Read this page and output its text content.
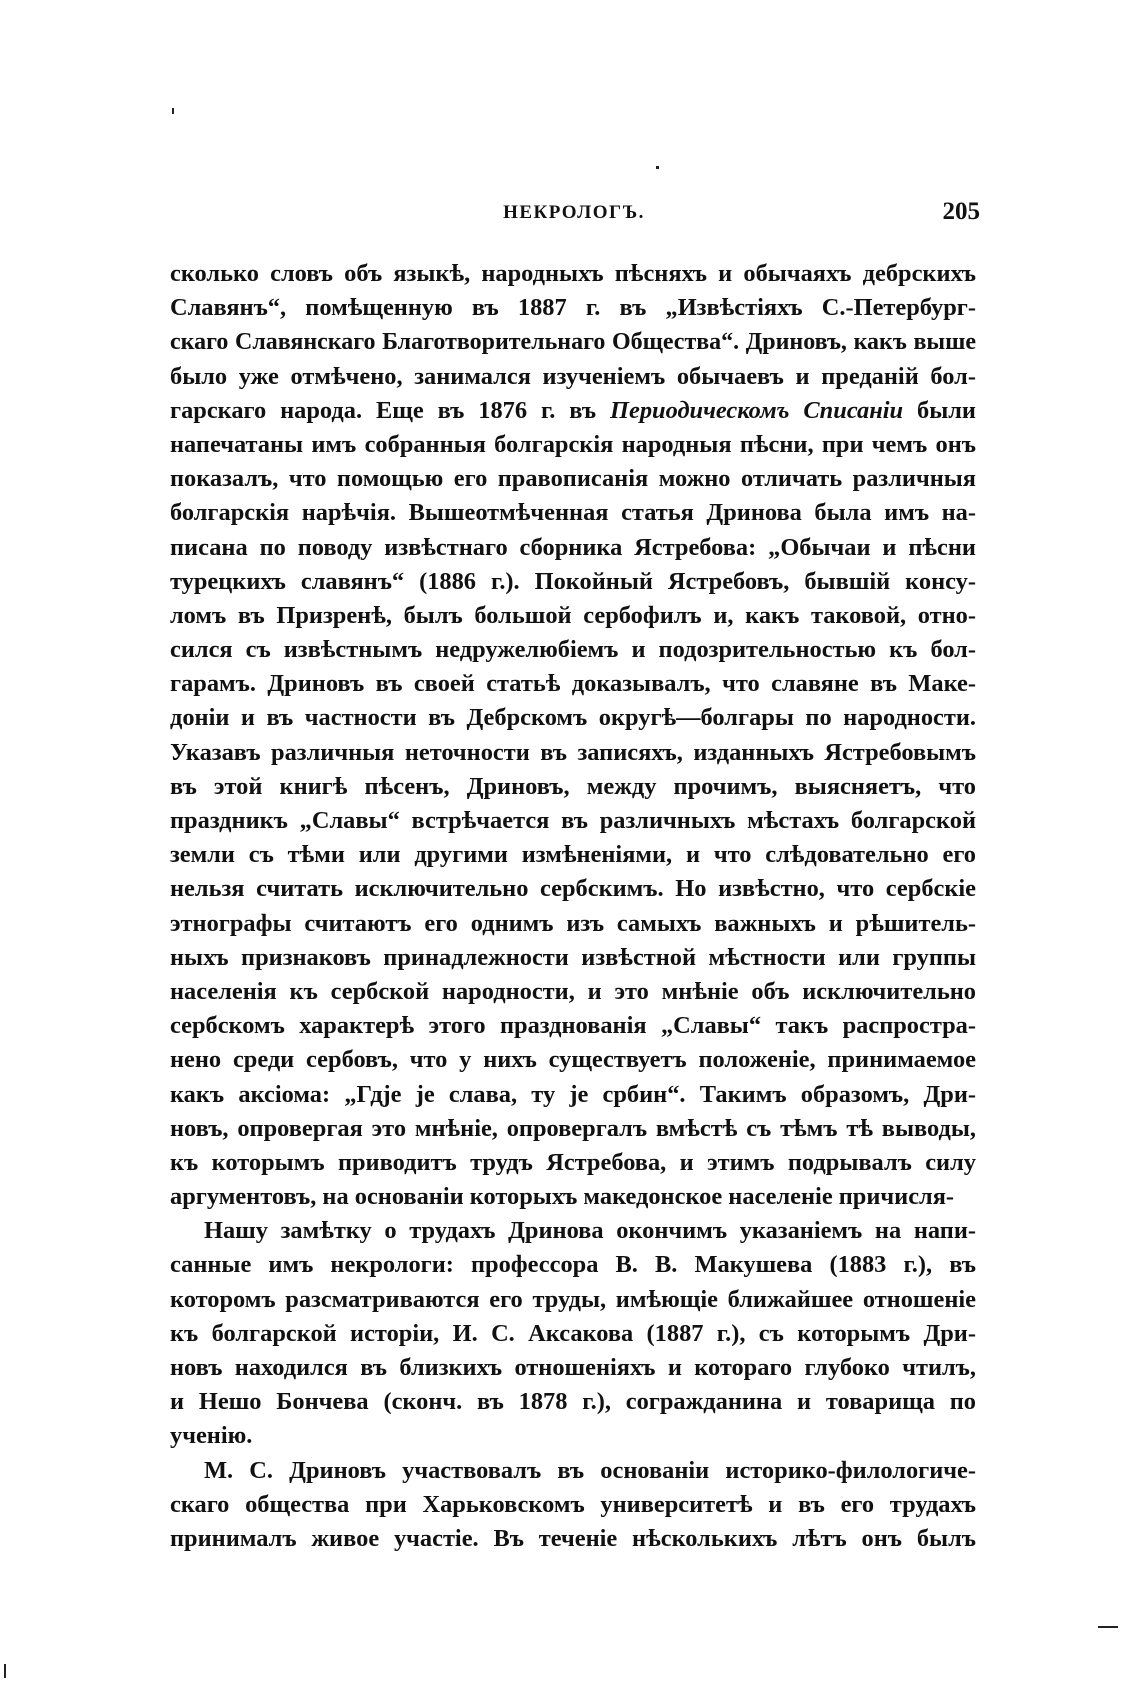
НЕКРОЛОГЪ.	205
сколько словъ объ языкѣ, народныхъ пѣсняхъ и обычаяхъ дебрскихъ
Славянъ“, помѣщенную въ 1887 г. въ „Извѣстіяхъ С.-Петербург-
скаго Славянскаго Благотворительнаго Общества“. Дриновъ, какъ выше
было уже отмѣчено, занимался изученіемъ обычаевъ и преданій бол-
гарскаго народа. Еще въ 1876 г. въ Периодическомъ Списаніи были
напечатаны имъ собранныя болгарскія народныя пѣсни, при чемъ онъ
показалъ, что помощью его правописанія можно отличать различныя
болгарскія нарѣчія. Вышеотмѣченная статья Дринова была имъ на-
писана по поводу извѣстнаго сборника Ястребова: „Обычаи и пѣсни
турецкихъ славянъ“ (1886 г.). Покойный Ястребовъ, бывшій консу-
ломъ въ Призренѣ, былъ большой сербофилъ и, какъ таковой, отно-
сился съ извѣстнымъ недружелюбіемъ и подозрительностью къ бол-
гарамъ. Дриновъ въ своей статьѣ доказывалъ, что славяне въ Маке-
доніи и въ частности въ Дебрскомъ округѣ—болгары по народности.
Указавъ различныя неточности въ записяхъ, изданныхъ Ястребовымъ
въ этой книгѣ пѣсенъ, Дриновъ, между прочимъ, выясняетъ, что
праздникъ „Славы“ встрѣчается въ различныхъ мѣстахъ болгарской
земли съ тѣми или другими измѣненіями, и что слѣдовательно его
нельзя считать исключительно сербскимъ. Но извѣстно, что сербскіе
этнографы считаютъ его однимъ изъ самыхъ важныхъ и рѣшитель-
ныхъ признаковъ принадлежности извѣстной мѣстности или группы
населенія къ сербской народности, и это мнѣніе объ исключительно
сербскомъ характерѣ этого празднованія „Славы“ такъ распростра-
нено среди сербовъ, что у нихъ существуетъ положеніе, принимаемое
какъ аксіома: „Гдје је слава, ту је србин“. Такимъ образомъ, Дри-
новъ, опровергая это мнѣніе, опровергалъ вмѣстѣ съ тѣмъ тѣ выводы,
къ которымъ приводитъ трудъ Ястребова, и этимъ подрывалъ силу
аргументовъ, на основаніи которыхъ македонское населеніе причисля-
Нашу замѣтку о трудахъ Дринова окончимъ указаніемъ на напи-
санные имъ некрологи: профессора В. В. Макушева (1883 г.), въ
которомъ разсматриваются его труды, имѣющіе ближайшее отношеніе
къ болгарской исторіи, И. С. Аксакова (1887 г.), съ которымъ Дри-
новъ находился въ близкихъ отношеніяхъ и котораго глубоко чтилъ,
и Нешо Бончева (сконч. въ 1878 г.), согражданина и товарища по
ученію.
М. С. Дриновъ участвовалъ въ основаніи историко-филологиче-
скаго общества при Харьковскомъ университетѣ и въ его трудахъ
принималъ живое участіе. Въ теченіе нѣсколькихъ лѣтъ онъ былъ
